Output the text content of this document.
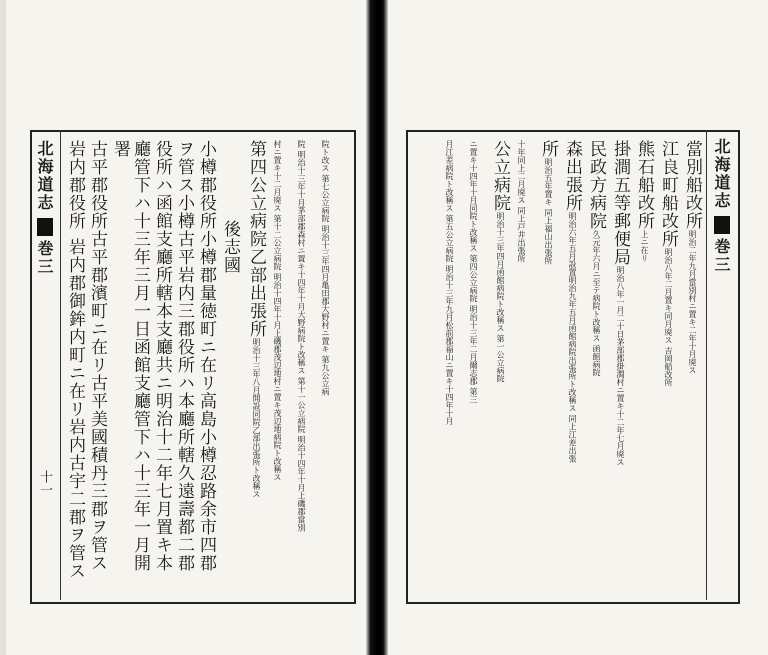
北海道志
巻三
十一
岩内郡役所岩内郡御鉾内町ニ在リ岩内古宇二郡ヲ管ス
古平郡役所古平郡濱町ニ在リ古平美國積丹三郡ヲ管ス
署 廳管下ハ十三年三月一日函館支廳管下ハ十三年一月開 役所ハ函館支廳所轄本支廳共ニ明治十二年七月置キ本 ヲ管ス小樽古平岩内三郡役所ハ本廳所轄久遠壽都二郡 小樽郡役所小樽郡量徳町ニ在リ高島小樽忍路余市四郡 後志國 第四公立病院乙部出張所明治十三年八月開設同院乙部出張所ト改稱ス	村ニ置キ十二月廃ス 第十二公立病院 明治十四年十月上磯郡茂辺地村ニ置キ茂辺地病院ト改稱ス	院 明治十三年十月茅部郡森村ニ置キ十四年十月大野病院ト改稱ス 第十一公立病院 明治十四年十月上磯郡當別	院ト改ス 第七公立病院 明治十三年四月亀田郡大野村ニ置キ 第九公立病	北海道志
巻三
當別船改所明治二年九月當別村ニ置キ二年十月廃ス
江良町船改所明治八年二月置キ同月廃ス 吉岡船改所
熊石船改所上ニ在リ
掛澗五等郵便局明治八年一月二十日茅部郡掛澗村ニ置キ十二年七月廃ス
民政方病院久元年六月ニ至テ病院ト改稱ス 函館病院
森出張所明治六年五月設置明治九年五月函館病院出張所ト改稱ス 同上江差出張
所明治五年置キ 同上福山出張所
十年同上二月廃ス 同上戸井出張所
公立病院明治十三年四月函館病院ト改稱ス 第一公立病院
ニ置キ十四年十月同院ト改稱ス 第四公立病院 明治十三年二月爾志郡 第三
月江差病院ト改稱ス 第五公立病院 明治十三年九月松前郡福山ニ置キ十四年十月
